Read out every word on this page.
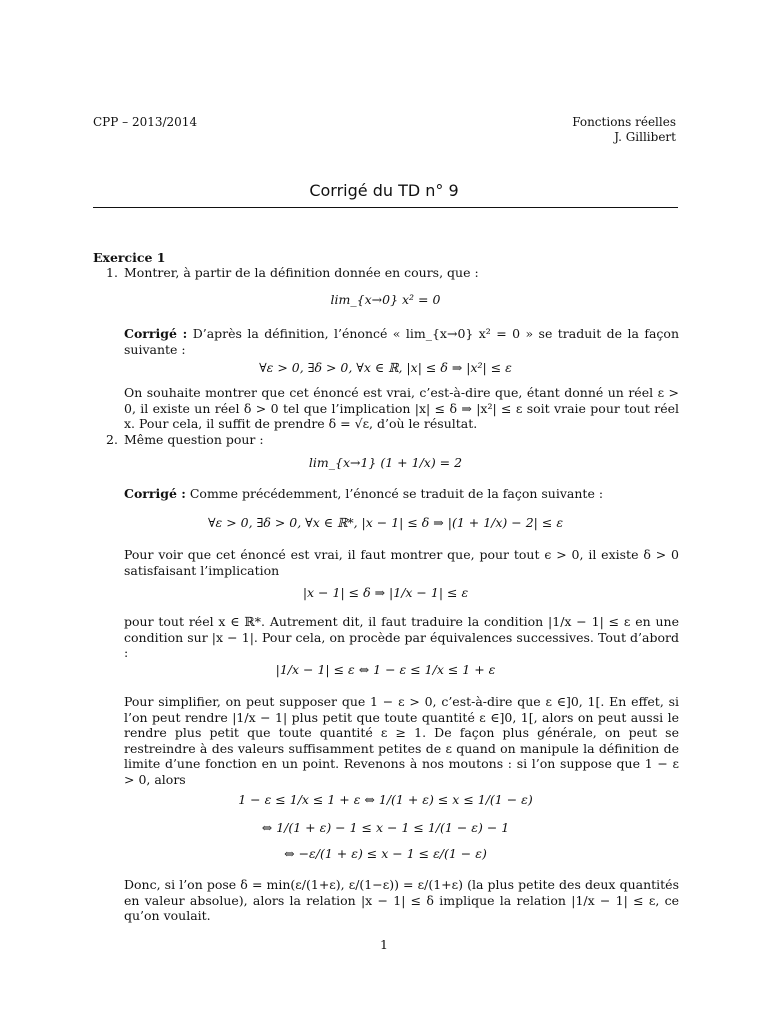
CPP – 2013/2014	Fonctions réelles
J. Gillibert
Corrigé du TD n° 9
Exercice 1
1. Montrer, à partir de la définition donnée en cours, que :
lim_{x→0} x² = 0
Corrigé : D’après la définition, l’énoncé « lim_{x→0} x² = 0 » se traduit de la façon suivante :
∀ε > 0, ∃δ > 0, ∀x ∈ ℝ, |x| ≤ δ ⇒ |x²| ≤ ε
On souhaite montrer que cet énoncé est vrai, c’est-à-dire que, étant donné un réel ε > 0, il existe un réel δ > 0 tel que l’implication |x| ≤ δ ⇒ |x²| ≤ ε soit vraie pour tout réel x. Pour cela, il suffit de prendre δ = √ε, d’où le résultat.
2. Même question pour :
lim_{x→1} (1 + 1/x) = 2
Corrigé : Comme précédemment, l’énoncé se traduit de la façon suivante :
∀ε > 0, ∃δ > 0, ∀x ∈ ℝ*, |x − 1| ≤ δ ⇒ |(1 + 1/x) − 2| ≤ ε
Pour voir que cet énoncé est vrai, il faut montrer que, pour tout ϵ > 0, il existe δ > 0 satisfaisant l’implication
|x − 1| ≤ δ ⇒ |1/x − 1| ≤ ε
pour tout réel x ∈ ℝ*. Autrement dit, il faut traduire la condition |1/x − 1| ≤ ε en une condition sur |x − 1|. Pour cela, on procède par équivalences successives. Tout d’abord :
|1/x − 1| ≤ ε ⇔ 1 − ε ≤ 1/x ≤ 1 + ε
Pour simplifier, on peut supposer que 1 − ε > 0, c’est-à-dire que ε ∈]0, 1[. En effet, si l’on peut rendre |1/x − 1| plus petit que toute quantité ε ∈]0, 1[, alors on peut aussi le rendre plus petit que toute quantité ε ≥ 1. De façon plus générale, on peut se restreindre à des valeurs suffisamment petites de ε quand on manipule la définition de limite d’une fonction en un point. Revenons à nos moutons : si l’on suppose que 1 − ε > 0, alors
1 − ε ≤ 1/x ≤ 1 + ε ⇔ 1/(1 + ε) ≤ x ≤ 1/(1 − ε)
⇔ 1/(1 + ε) − 1 ≤ x − 1 ≤ 1/(1 − ε) − 1
⇔ −ε/(1 + ε) ≤ x − 1 ≤ ε/(1 − ε)
Donc, si l’on pose δ = min(ε/(1+ε), ε/(1−ε)) = ε/(1+ε) (la plus petite des deux quantités en valeur absolue), alors la relation |x − 1| ≤ δ implique la relation |1/x − 1| ≤ ε, ce qu’on voulait.
1
